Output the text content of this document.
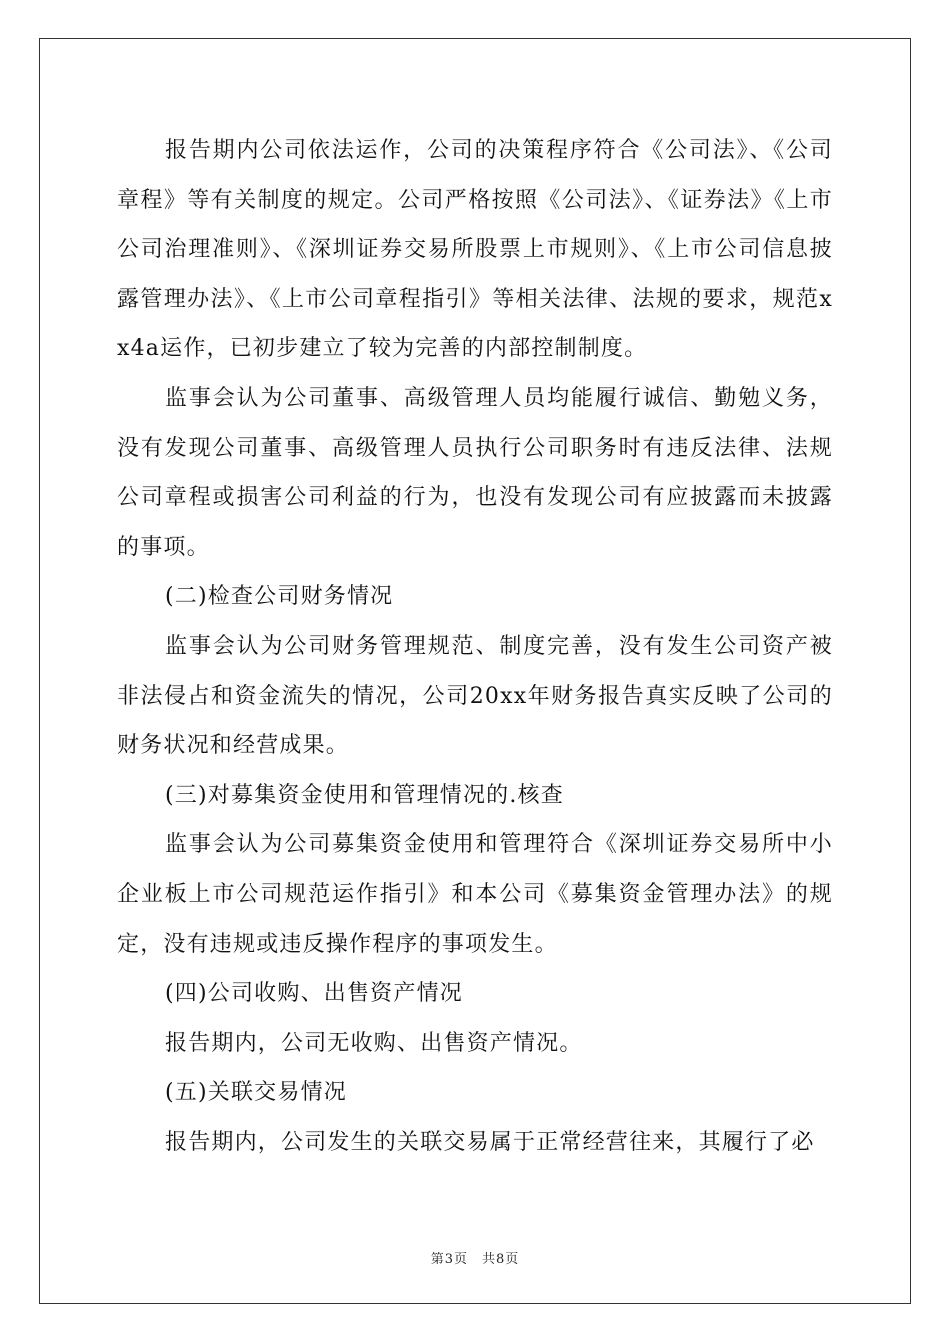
报告期内公司依法运作，公司的决策程序符合《公司法》、《公司章程》等有关制度的规定。公司严格按照《公司法》、《证券法》《上市公司治理准则》、《深圳证券交易所股票上市规则》、《上市公司信息披露管理办法》、《上市公司章程指引》等相关法律、法规的要求，规范xx4a运作，已初步建立了较为完善的内部控制制度。

监事会认为公司董事、高级管理人员均能履行诚信、勤勉义务，没有发现公司董事、高级管理人员执行公司职务时有违反法律、法规公司章程或损害公司利益的行为，也没有发现公司有应披露而未披露的事项。

(二)检查公司财务情况

监事会认为公司财务管理规范、制度完善，没有发生公司资产被非法侵占和资金流失的情况，公司20xx年财务报告真实反映了公司的财务状况和经营成果。

(三)对募集资金使用和管理情况的.核查

监事会认为公司募集资金使用和管理符合《深圳证券交易所中小企业板上市公司规范运作指引》和本公司《募集资金管理办法》的规定，没有违规或违反操作程序的事项发生。

(四)公司收购、出售资产情况

报告期内，公司无收购、出售资产情况。

(五)关联交易情况

报告期内，公司发生的关联交易属于正常经营往来，其履行了必

第3页 共8页
